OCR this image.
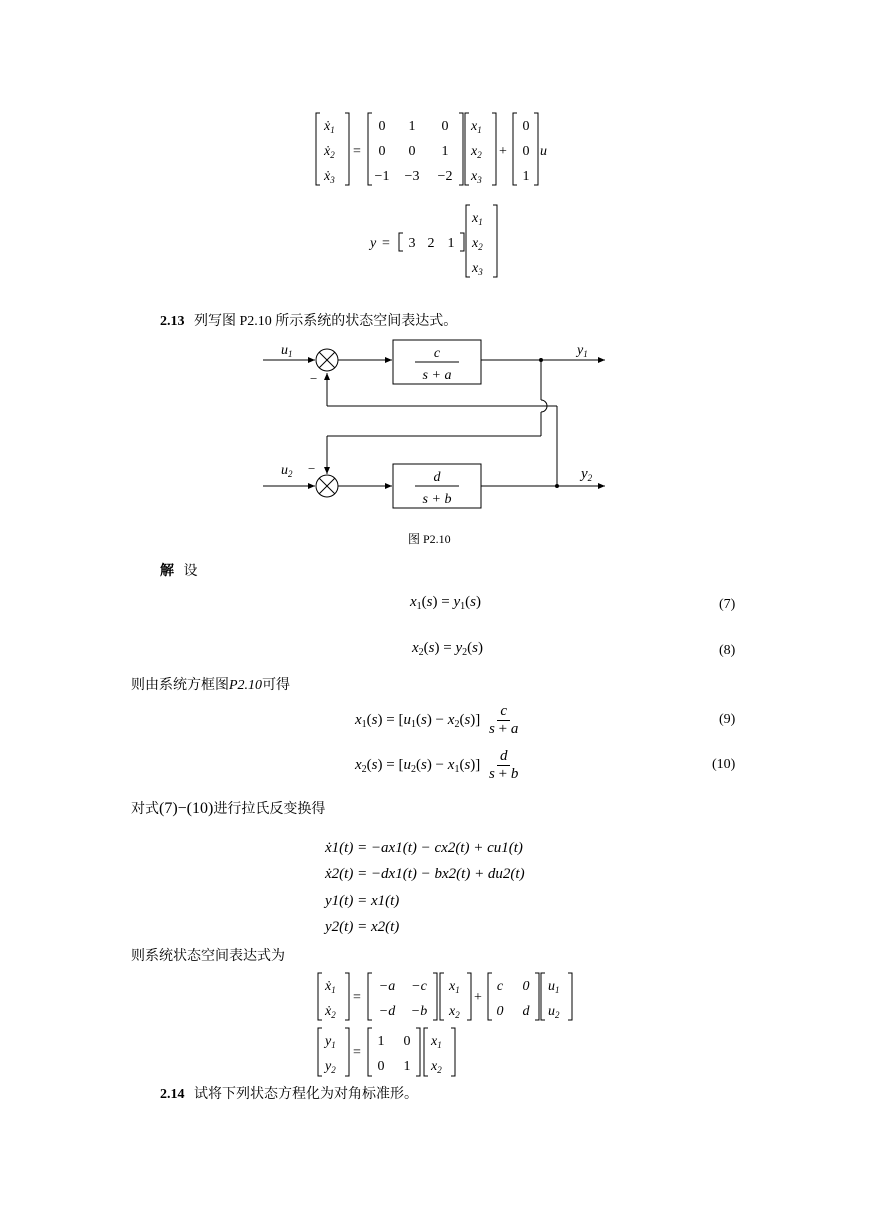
ẋ$_1$
ẋ$_2$
ẋ$_3$
=
0 1 0
0 0 1
−1 −3 −2
$x_1$
$x_2$
$x_3$
+
0
0
1
u
y = 3 2 1
$x_1$
$x_2$
$x_3$
2.13 列写图 P2.10 所示系统的状态空间表达式。
$u_1$
−
c
s + a
$y_1$
$u_2$ −
d
s + b
$y_2$
图 P2.10
解 设
$x_1(s) = y_1(s)$	(7)
$x_2(s) = y_2(s)$	(8)
则由系统方框图P2.10可得
$x_1(s) = [u_1(s) - x_2(s)] \frac{c}{s + a}$	(9)
$x_2(s) = [u_2(s) - x_1(s)] \frac{d}{s + b}$	(10)
对式(7)−(10)进行拉氏反变换得
ẋ1(t) = −ax1(t) − cx2(t) + cu1(t)
ẋ2(t) = −dx1(t) − bx2(t) + du2(t)
y1(t) = x1(t)
y2(t) = x2(t)
则系统状态空间表达式为
ẋ$_1$
ẋ$_2$
=
−a −c
−d −b
$x_1$
$x_2$
+
c 0
0 d
$u_1$
$u_2$
$y_1$
$y_2$
=
1 0
0 1
$x_1$
$x_2$
2.14 试将下列状态方程化为对角标准形。
